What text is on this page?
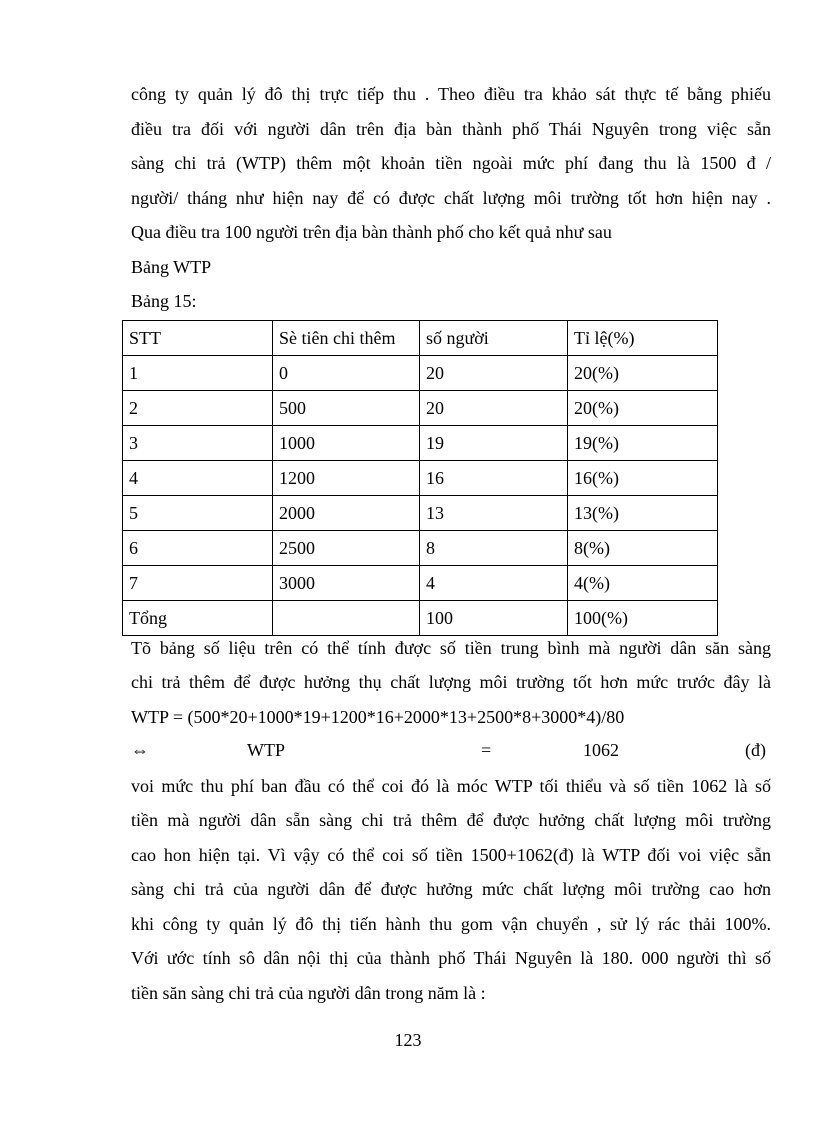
công ty quản lý đô thị trực tiếp thu . Theo điều tra khảo sát thực tế bằng phiếu
điều tra đối với người dân trên địa bàn thành phố Thái Nguyên trong việc sẵn
sàng chi trả (WTP) thêm một khoản tiền ngoài mức phí đang thu là 1500 đ /
người/ tháng như hiện nay để có được chất lượng môi trường tốt hơn hiện nay .
Qua điều tra 100 người trên địa bàn thành phố cho kết quả như sau
Bảng WTP
Bảng 15:
STT	Sè tiên chi thêm	số người	Tỉ lệ(%)
1	0	20	20(%)
2	500	20	20(%)
3	1000	19	19(%)
4	1200	16	16(%)
5	2000	13	13(%)
6	2500	8	8(%)
7	3000	4	4(%)
Tổng		100	100(%)
Tõ bảng số liệu trên có thể tính được số tiền trung bình mà người dân săn sàng
chi trả thêm để được hưởng thụ chất lượng môi trường tốt hơn mức trước đây là
WTP = (500*20+1000*19+1200*16+2000*13+2500*8+3000*4)/80
⇔	WTP	=	1062	(đ)
voi mức thu phí ban đầu có thể coi đó là móc WTP tối thiểu và số tiền 1062 là số
tiền mà người dân sẵn sàng chi trả thêm để được hưởng chất lượng môi trường
cao hon hiện tại. Vì vậy có thể coi số tiền 1500+1062(đ) là WTP đối voi việc sẵn
sàng chi trả của người dân để được hưởng mức chất lượng môi trường cao hơn
khi công ty quản lý đô thị tiến hành thu gom vận chuyển , sử lý rác thải 100%.
Với ước tính sô dân nội thị của thành phố Thái Nguyên là 180. 000 người thì số
tiền săn sàng chi trả của người dân trong năm là :
123
